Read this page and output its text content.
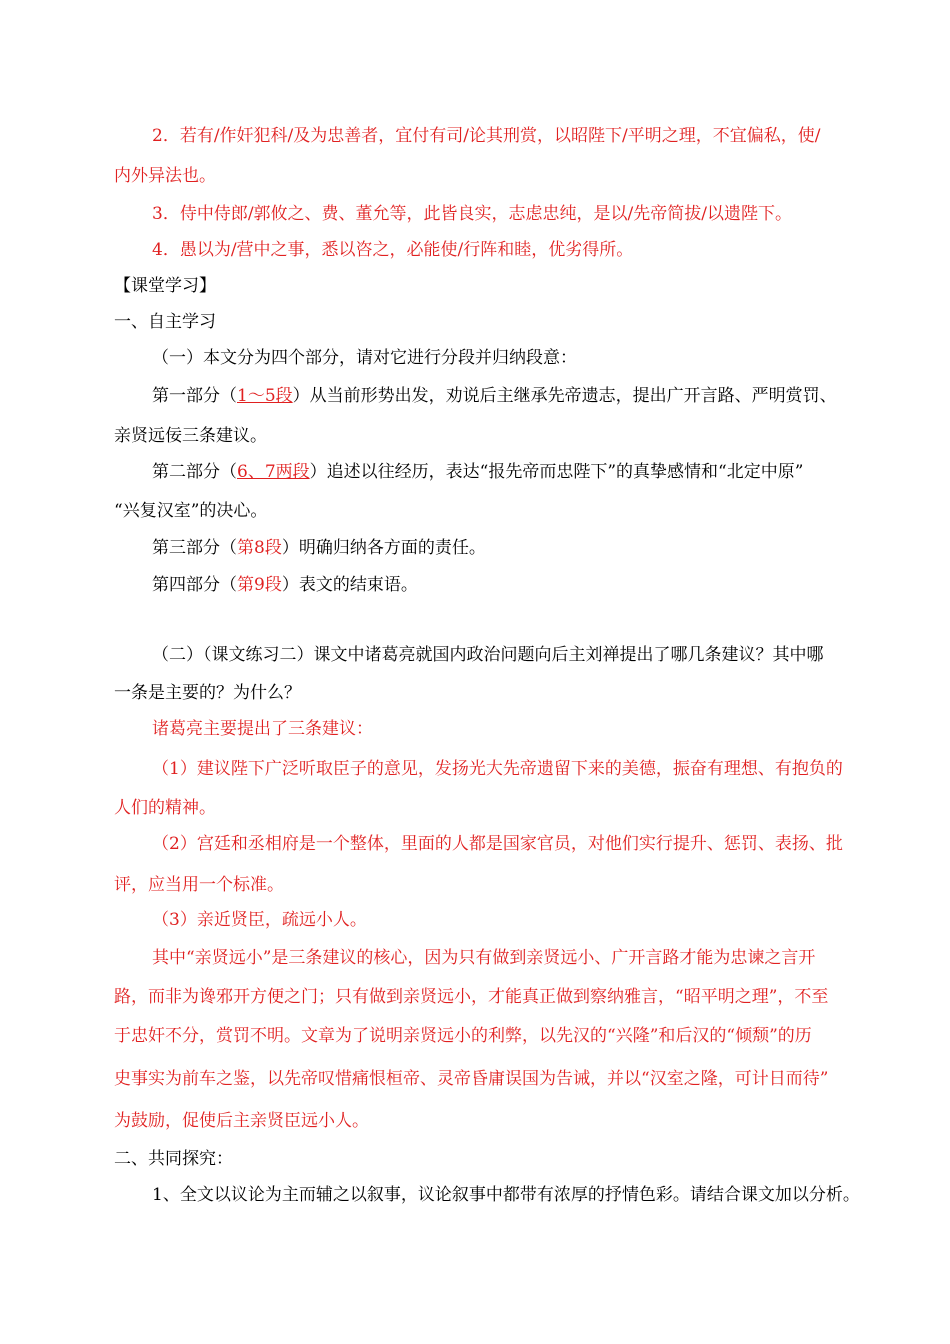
2．若有/作奸犯科/及为忠善者，宜付有司/论其刑赏，以昭陛下/平明之理，不宜偏私，使/
内外异法也。
3．侍中侍郎/郭攸之、费、董允等，此皆良实，志虑忠纯，是以/先帝简拔/以遗陛下。
4．愚以为/营中之事，悉以咨之，必能使/行阵和睦，优劣得所。
【课堂学习】
一、自主学习
（一）本文分为四个部分，请对它进行分段并归纳段意：
第一部分（1～5段）从当前形势出发，劝说后主继承先帝遗志，提出广开言路、严明赏罚、
亲贤远佞三条建议。
第二部分（6、7两段）追述以往经历，表达“报先帝而忠陛下”的真挚感情和“北定中原”
“兴复汉室”的决心。
第三部分（第8段）明确归纳各方面的责任。
第四部分（第9段）表文的结束语。
（二）（课文练习二）课文中诸葛亮就国内政治问题向后主刘禅提出了哪几条建议？其中哪
一条是主要的？为什么？
诸葛亮主要提出了三条建议：
（1）建议陛下广泛听取臣子的意见，发扬光大先帝遗留下来的美德，振奋有理想、有抱负的
人们的精神。
（2）宫廷和丞相府是一个整体，里面的人都是国家官员，对他们实行提升、惩罚、表扬、批
评，应当用一个标准。
（3）亲近贤臣，疏远小人。
其中“亲贤远小”是三条建议的核心，因为只有做到亲贤远小、广开言路才能为忠谏之言开
路，而非为谗邪开方便之门；只有做到亲贤远小，才能真正做到察纳雅言，“昭平明之理”，不至
于忠奸不分，赏罚不明。文章为了说明亲贤远小的利弊，以先汉的“兴隆”和后汉的“倾颓”的历
史事实为前车之鉴，以先帝叹惜痛恨桓帝、灵帝昏庸误国为告诫，并以“汉室之隆，可计日而待”
为鼓励，促使后主亲贤臣远小人。
二、共同探究：
1、全文以议论为主而辅之以叙事，议论叙事中都带有浓厚的抒情色彩。请结合课文加以分析。
